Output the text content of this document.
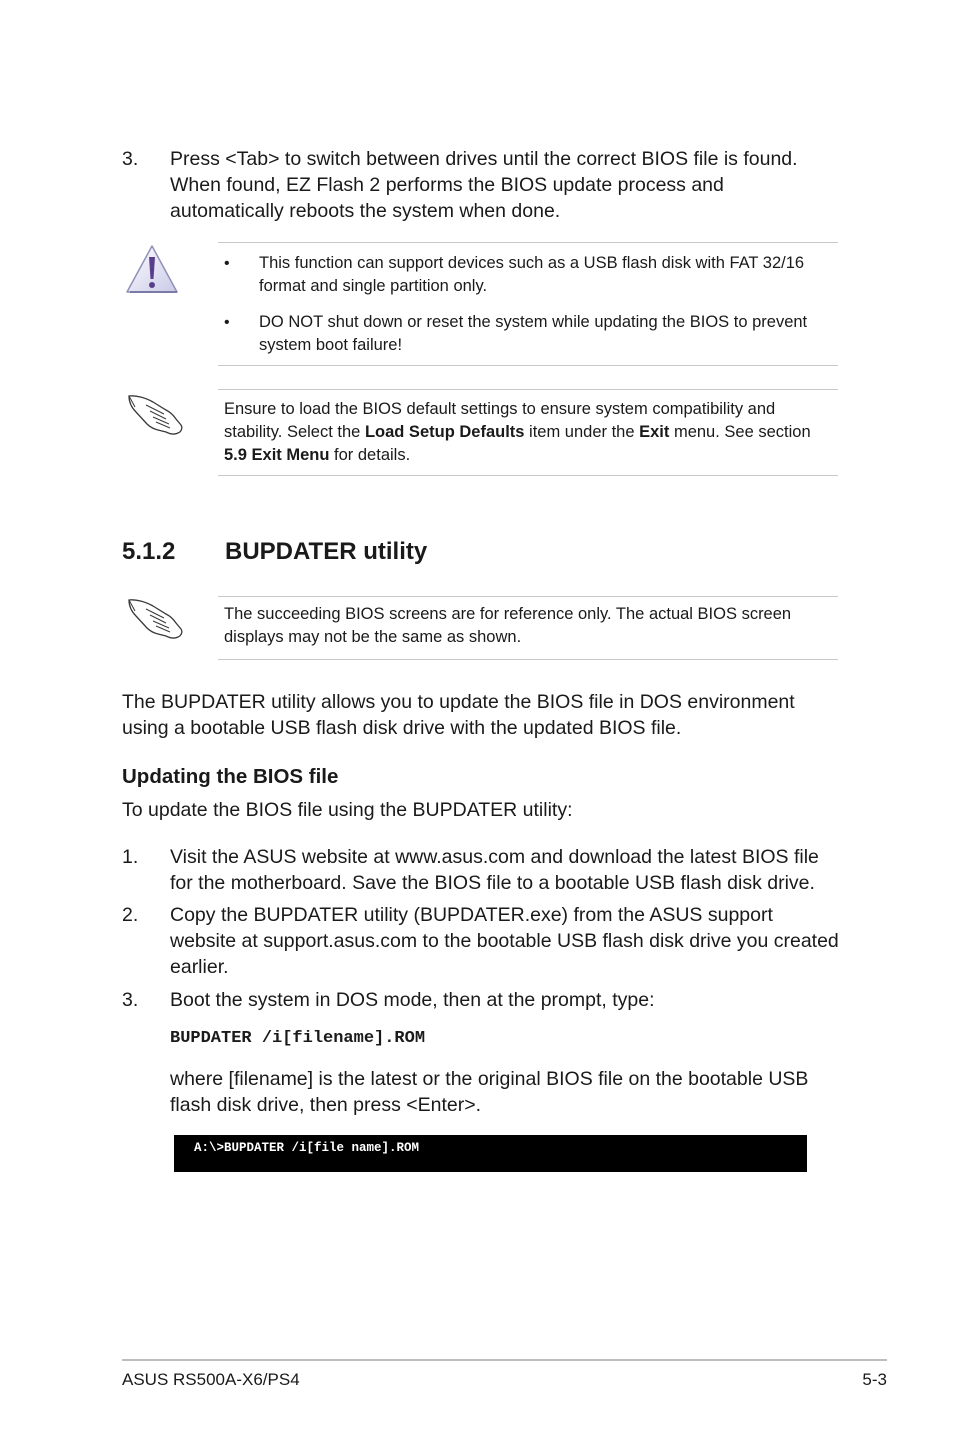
3. Press <Tab> to switch between drives until the correct BIOS file is found. When found, EZ Flash 2 performs the BIOS update process and automatically reboots the system when done.
• This function can support devices such as a USB flash disk with FAT 32/16 format and single partition only.
• DO NOT shut down or reset the system while updating the BIOS to prevent system boot failure!
Ensure to load the BIOS default settings to ensure system compatibility and stability. Select the Load Setup Defaults item under the Exit menu. See section 5.9 Exit Menu for details.
5.1.2 BUPDATER utility
The succeeding BIOS screens are for reference only. The actual BIOS screen displays may not be the same as shown.
The BUPDATER utility allows you to update the BIOS file in DOS environment using a bootable USB flash disk drive with the updated BIOS file.
Updating the BIOS file
To update the BIOS file using the BUPDATER utility:
1. Visit the ASUS website at www.asus.com and download the latest BIOS file for the motherboard. Save the BIOS file to a bootable USB flash disk drive.
2. Copy the BUPDATER utility (BUPDATER.exe) from the ASUS support website at support.asus.com to the bootable USB flash disk drive you created earlier.
3. Boot the system in DOS mode, then at the prompt, type:
BUPDATER /i[filename].ROM
where [filename] is the latest or the original BIOS file on the bootable USB flash disk drive, then press <Enter>.
A:\>BUPDATER /i[file name].ROM
ASUS RS500A-X6/PS4	5-3
